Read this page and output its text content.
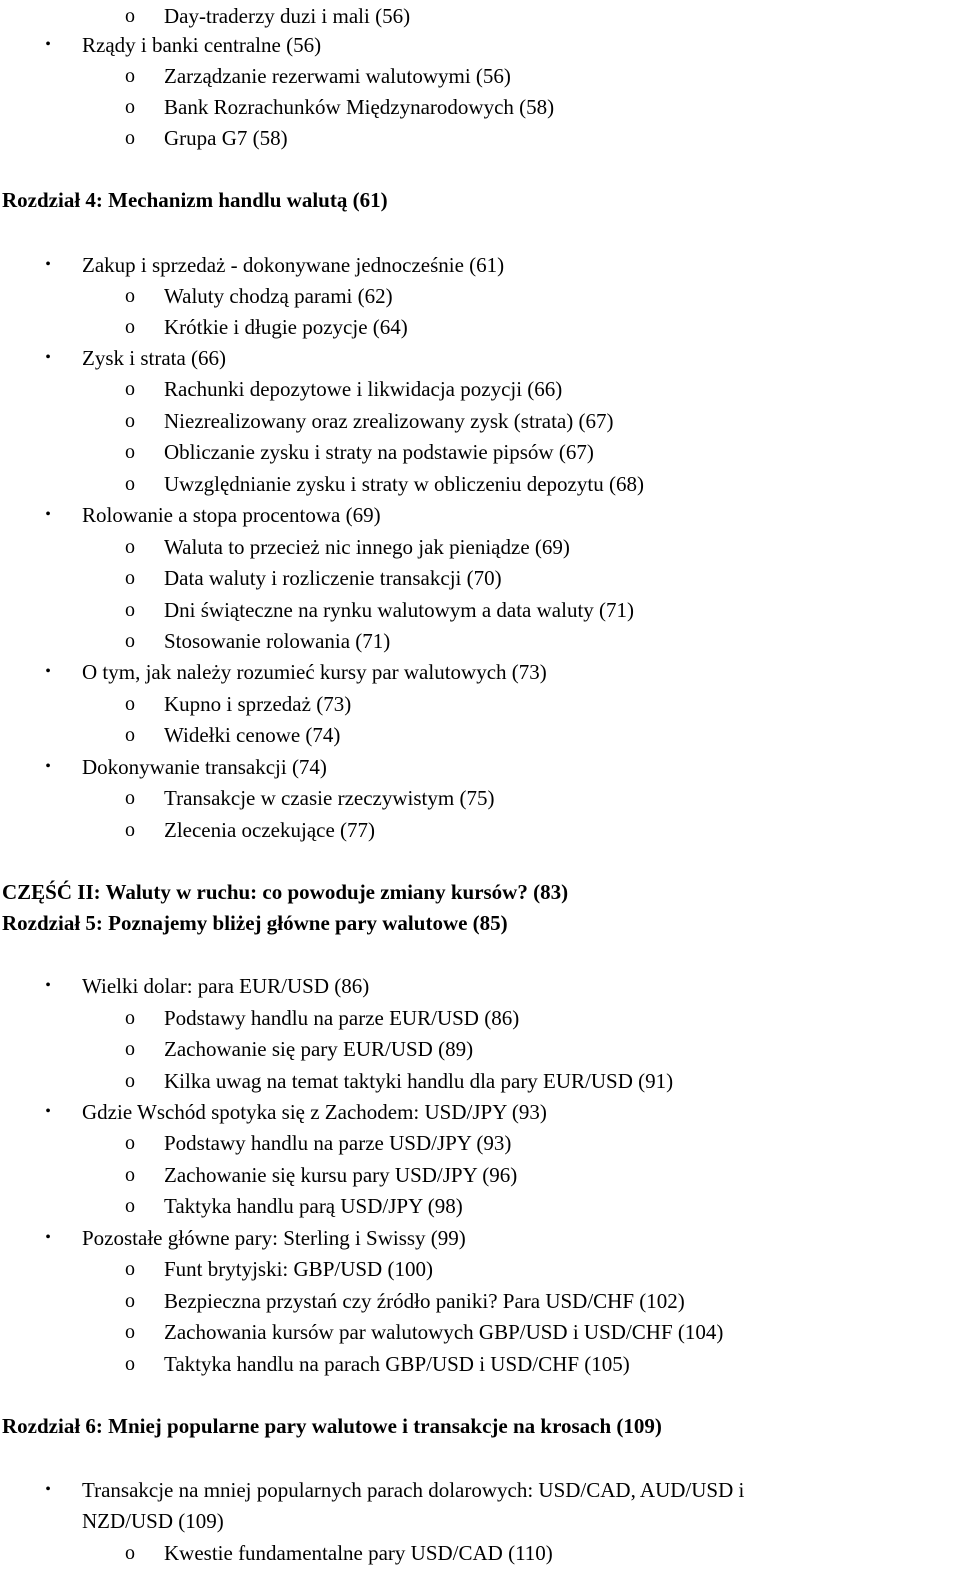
o Day-traderzy duzi i mali (56)
•	Rządy i banki centralne (56)
o Zarządzanie rezerwami walutowymi (56)
o Bank Rozrachunków Międzynarodowych (58)
o Grupa G7 (58)
Rozdział 4: Mechanizm handlu walutą (61)
•	Zakup i sprzedaż - dokonywane jednocześnie (61)
o Waluty chodzą parami (62)
o Krótkie i długie pozycje (64)
•	Zysk i strata (66)
o Rachunki depozytowe i likwidacja pozycji (66)
o Niezrealizowany oraz zrealizowany zysk (strata) (67)
o Obliczanie zysku i straty na podstawie pipsów (67)
o Uwzględnianie zysku i straty w obliczeniu depozytu (68)
•	Rolowanie a stopa procentowa (69)
o Waluta to przecież nic innego jak pieniądze (69)
o Data waluty i rozliczenie transakcji (70)
o Dni świąteczne na rynku walutowym a data waluty (71)
o Stosowanie rolowania (71)
•	O tym, jak należy rozumieć kursy par walutowych (73)
o Kupno i sprzedaż (73)
o Widełki cenowe (74)
•	Dokonywanie transakcji (74)
o Transakcje w czasie rzeczywistym (75)
o Zlecenia oczekujące (77)
CZĘŚĆ II: Waluty w ruchu: co powoduje zmiany kursów? (83)
Rozdział 5: Poznajemy bliżej główne pary walutowe (85)
•	Wielki dolar: para EUR/USD (86)
o Podstawy handlu na parze EUR/USD (86)
o Zachowanie się pary EUR/USD (89)
o Kilka uwag na temat taktyki handlu dla pary EUR/USD (91)
•	Gdzie Wschód spotyka się z Zachodem: USD/JPY (93)
o Podstawy handlu na parze USD/JPY (93)
o Zachowanie się kursu pary USD/JPY (96)
o Taktyka handlu parą USD/JPY (98)
•	Pozostałe główne pary: Sterling i Swissy (99)
o Funt brytyjski: GBP/USD (100)
o Bezpieczna przystań czy źródło paniki? Para USD/CHF (102)
o Zachowania kursów par walutowych GBP/USD i USD/CHF (104)
o Taktyka handlu na parach GBP/USD i USD/CHF (105)
Rozdział 6: Mniej popularne pary walutowe i transakcje na krosach (109)
•	Transakcje na mniej popularnych parach dolarowych: USD/CAD, AUD/USD i
NZD/USD (109)
o Kwestie fundamentalne pary USD/CAD (110)
